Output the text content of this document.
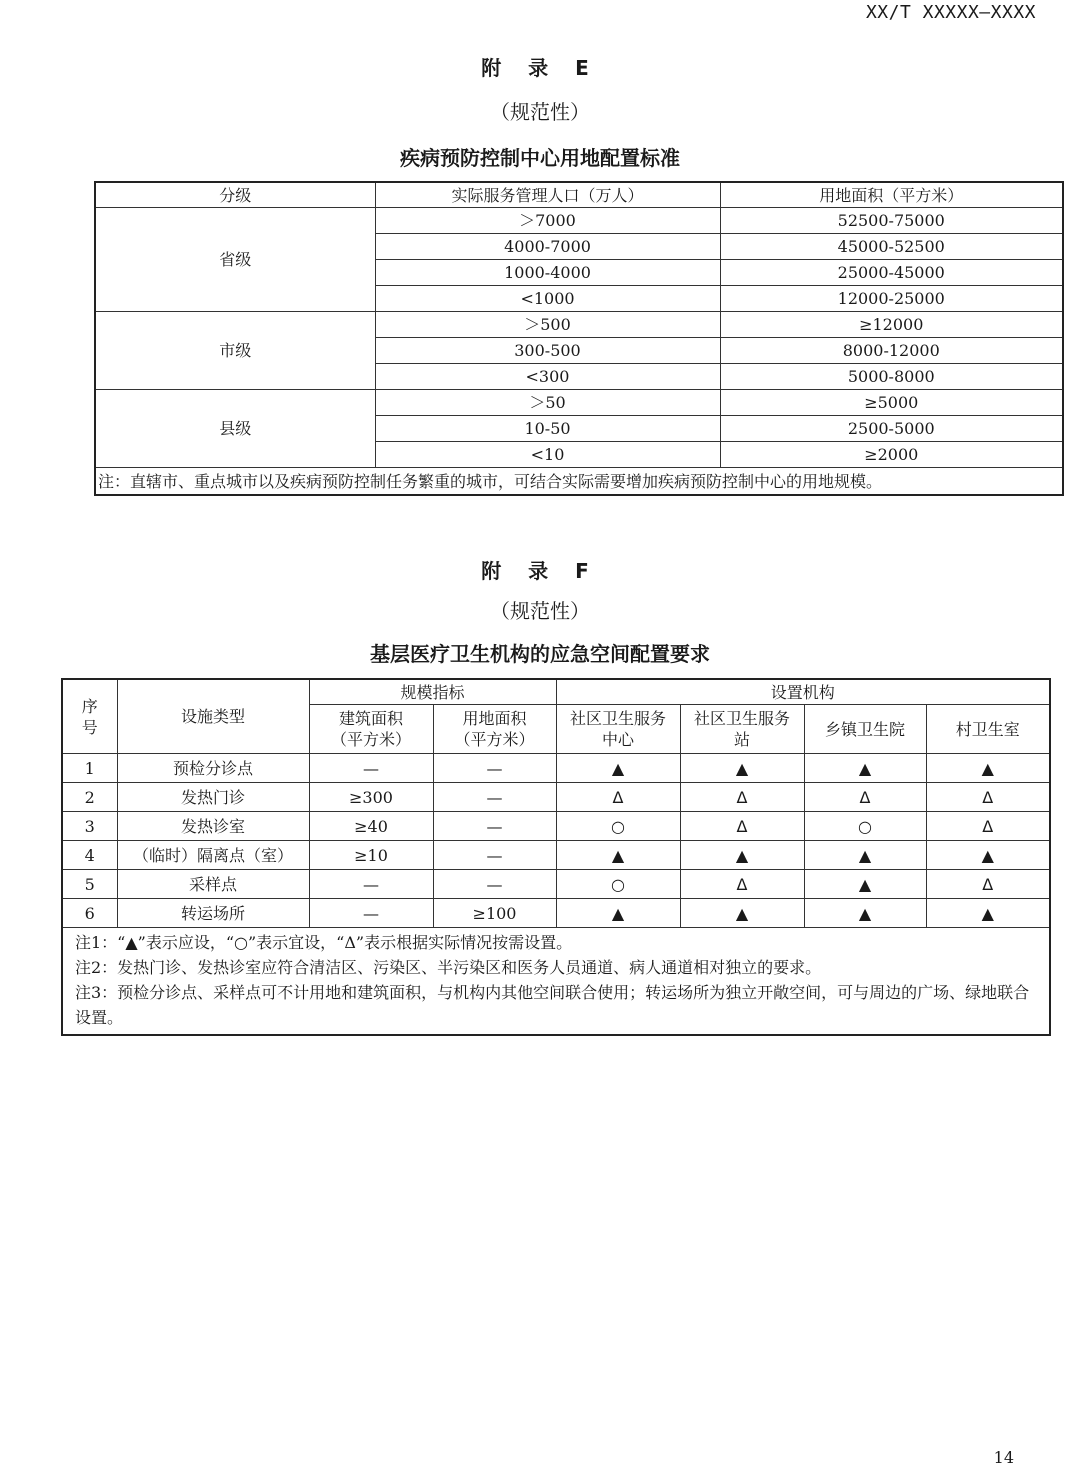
XX/T XXXXX—XXXX
附 录 E
（规范性）
疾病预防控制中心用地配置标准
分级	实际服务管理人口（万人）	用地面积（平方米）
省级	＞7000	52500-75000
	4000-7000	45000-52500
	1000-4000	25000-45000
	<1000	12000-25000
市级	＞500	≥12000
	300-500	8000-12000
	<300	5000-8000
县级	＞50	≥5000
	10-50	2500-5000
	<10	≥2000
注：直辖市、重点城市以及疾病预防控制任务繁重的城市，可结合实际需要增加疾病预防控制中心的用地规模。		
附 录 F
（规范性）
基层医疗卫生机构的应急空间配置要求
序号	设施类型	规模指标		设置机构			
		建筑面积（平方米）	用地面积（平方米）	社区卫生服务中心	社区卫生服务站	乡镇卫生院	村卫生室
1	预检分诊点	—	—	▲	▲	▲	▲
2	发热门诊	≥300	—	Δ	Δ	Δ	Δ
3	发热诊室	≥40	—	○	Δ	○	Δ
4	（临时）隔离点（室）	≥10	—	▲	▲	▲	▲
5	采样点	—	—	○	Δ	▲	Δ
6	转运场所	—	≥100	▲	▲	▲	▲

注1：“▲”表示应设，“○”表示宜设，“Δ”表示根据实际情况按需设置。
注2：发热门诊、发热诊室应符合清洁区、污染区、半污染区和医务人员通道、病人通道相对独立的要求。
注3：预检分诊点、采样点可不计用地和建筑面积，与机构内其他空间联合使用；转运场所为独立开敞空间，可与周边的广场、绿地联合设置。							
14
